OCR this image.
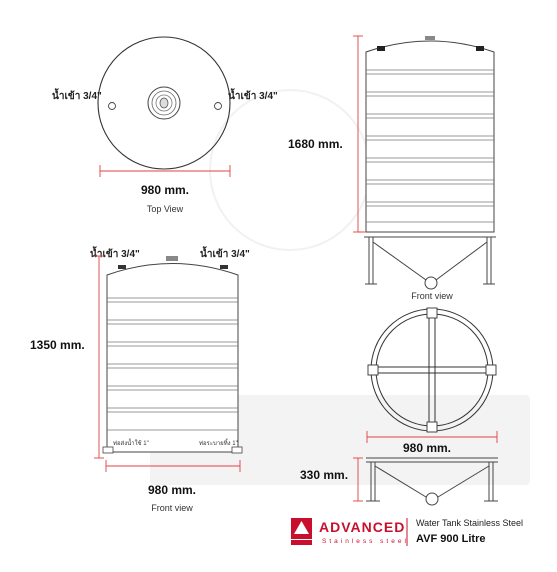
น้ำเข้า 3/4"	น้ำเข้า 3/4"
980 mm.
Top View
1680 mm.
Front view
น้ำเข้า 3/4"	น้ำเข้า 3/4"
ท่อส่งน้ำใช้ 1"	ท่อระบายทิ้ง 1"
1350 mm.
980 mm.
Front view
980 mm.
330 mm.
ADVANCED
Stainless steel
Water Tank Stainless Steel
AVF 900 Litre
